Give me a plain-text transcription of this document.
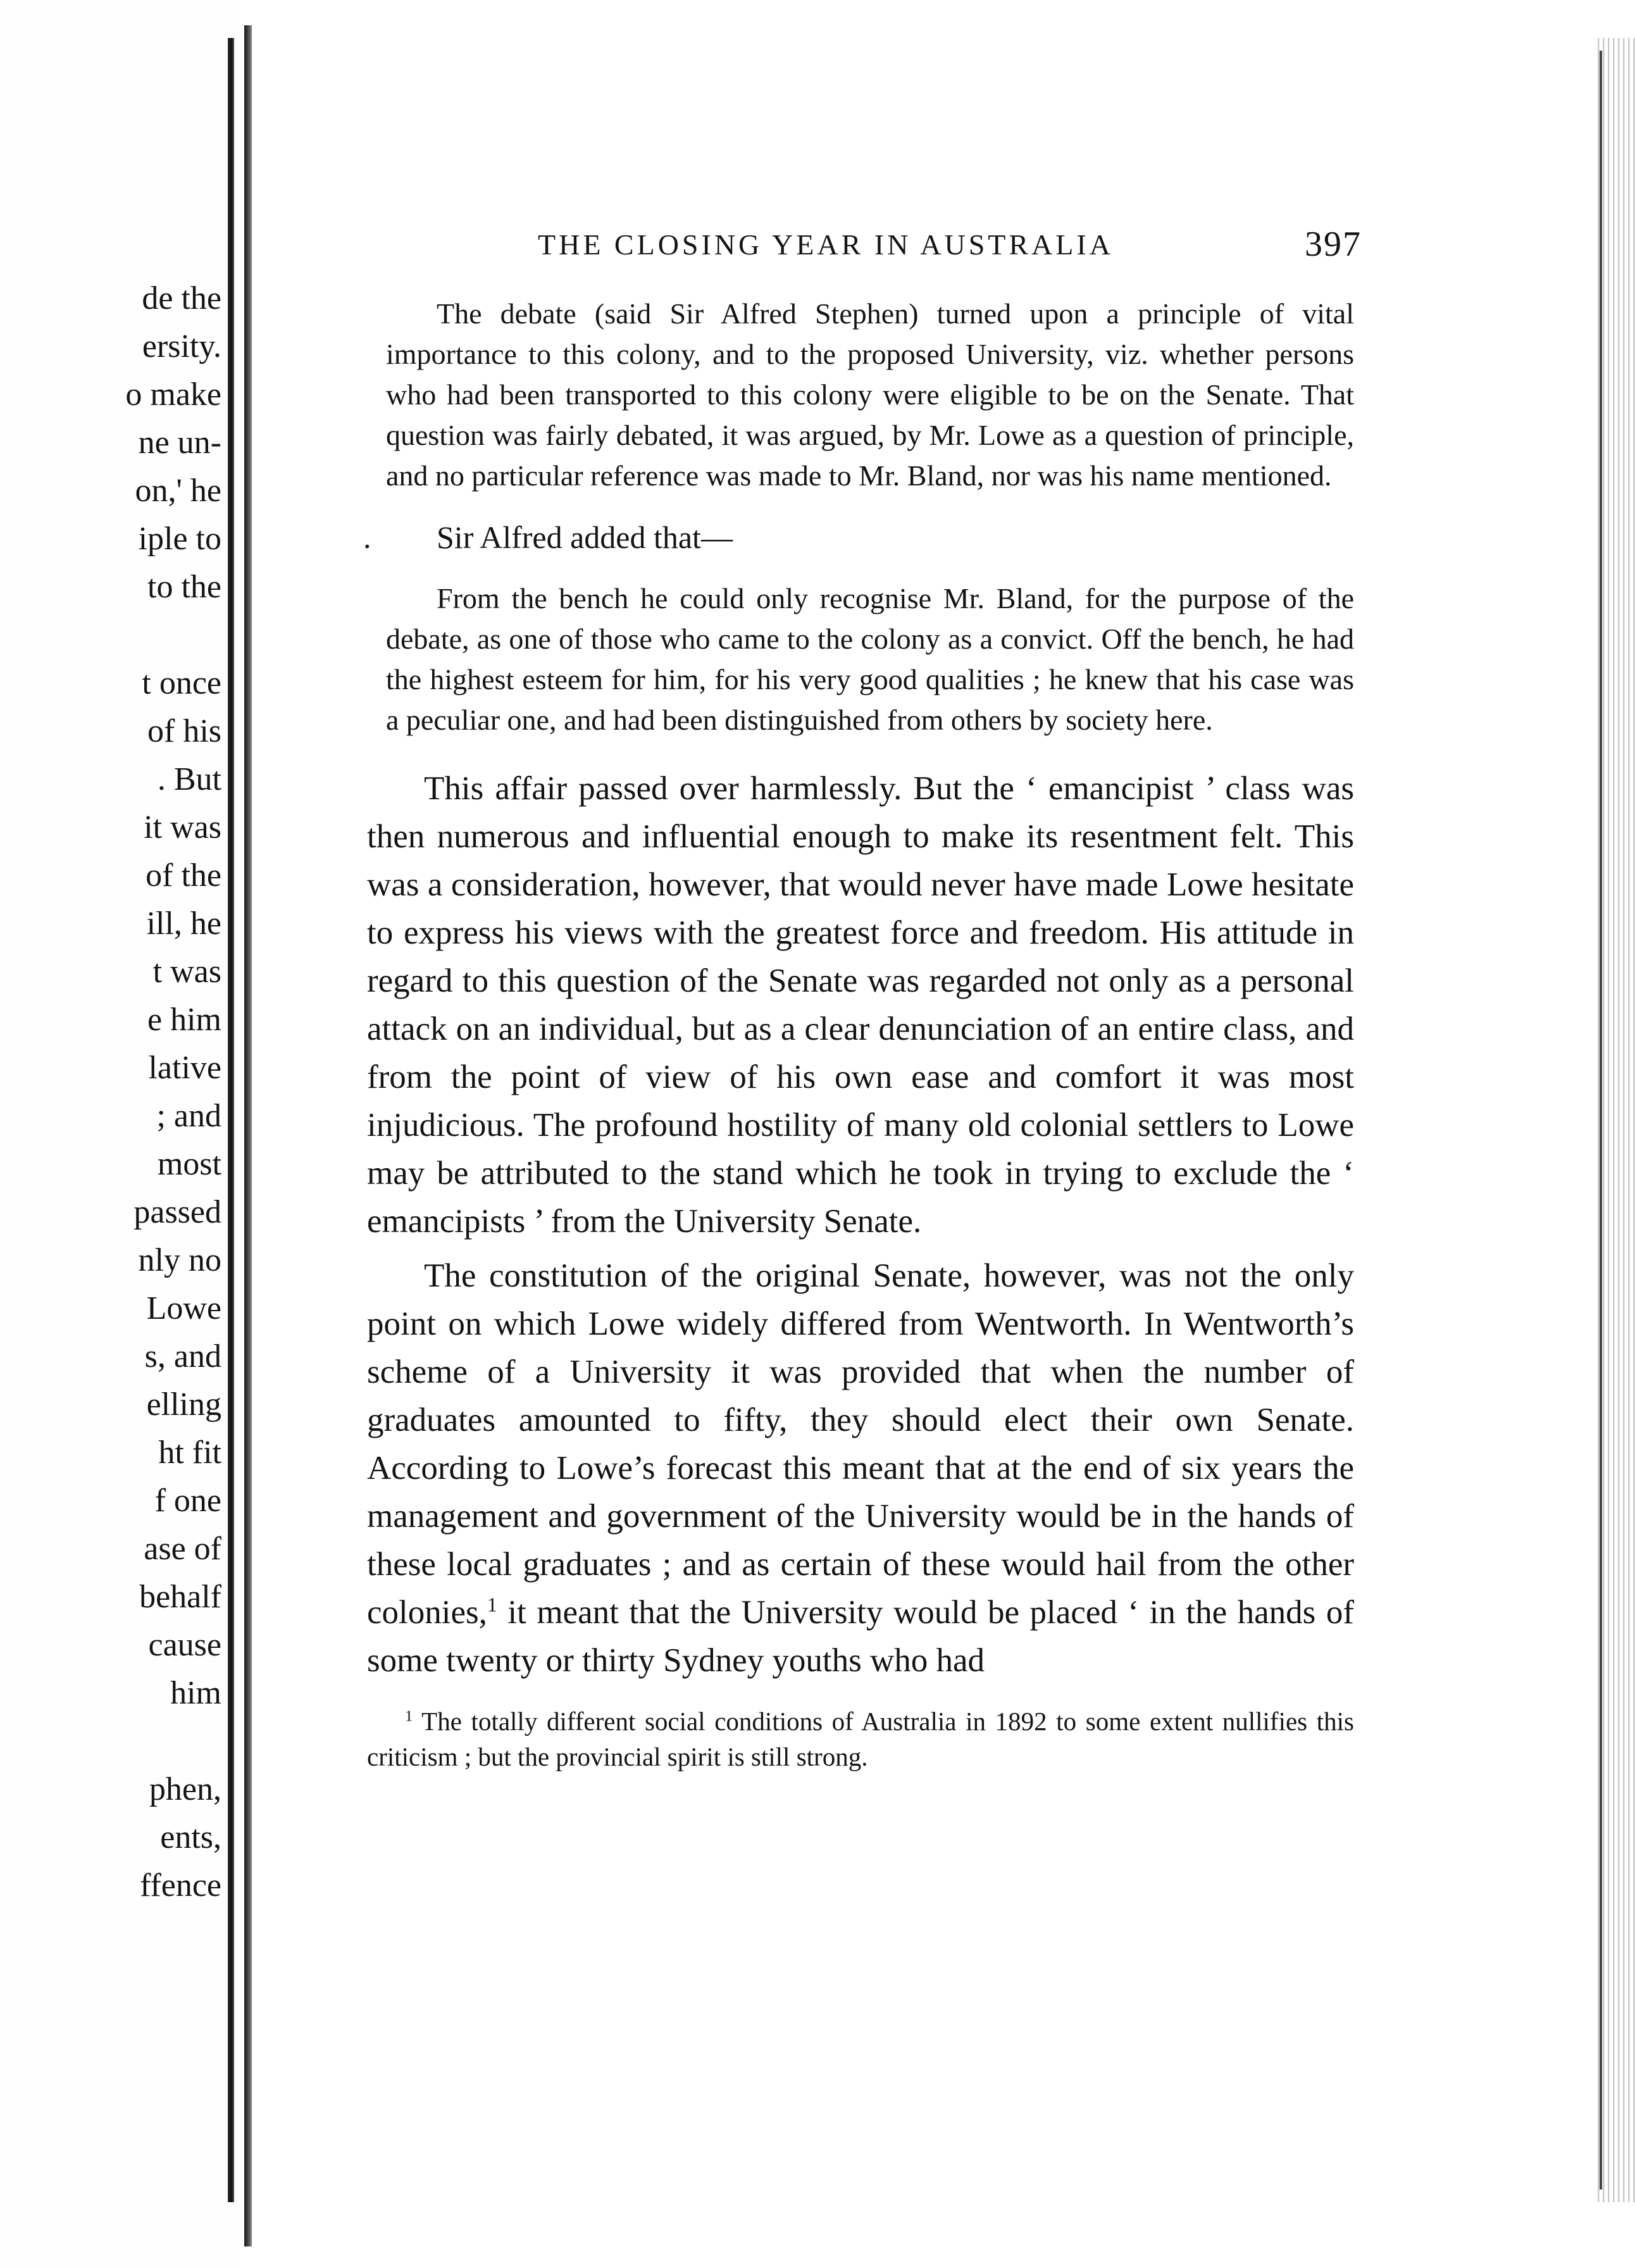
de the
ersity.
o make
ne un-
on,' he
iple to
to the
t once
of his
. But
it was
of the
ill, he
t was
e him
lative
; and
most
passed
nly no
Lowe
s, and
elling
ht fit
f one
ase of
behalf
cause
him
phen,
ents,
ffence
THE CLOSING YEAR IN AUSTRALIA	397

The debate (said Sir Alfred Stephen) turned upon a principle of vital importance to this colony, and to the proposed University, viz. whether persons who had been transported to this colony were eligible to be on the Senate. That question was fairly debated, it was argued, by Mr. Lowe as a question of principle, and no particular reference was made to Mr. Bland, nor was his name mentioned.

. Sir Alfred added that—

From the bench he could only recognise Mr. Bland, for the purpose of the debate, as one of those who came to the colony as a convict. Off the bench, he had the highest esteem for him, for his very good qualities ; he knew that his case was a peculiar one, and had been distinguished from others by society here.

This affair passed over harmlessly. But the ‘ emancipist ’ class was then numerous and influential enough to make its resentment felt. This was a consideration, however, that would never have made Lowe hesitate to express his views with the greatest force and freedom. His attitude in regard to this question of the Senate was regarded not only as a personal attack on an individual, but as a clear denunciation of an entire class, and from the point of view of his own ease and comfort it was most injudicious. The profound hostility of many old colonial settlers to Lowe may be attributed to the stand which he took in trying to exclude the ‘ emancipists ’ from the University Senate.

The constitution of the original Senate, however, was not the only point on which Lowe widely differed from Wentworth. In Wentworth’s scheme of a University it was provided that when the number of graduates amounted to fifty, they should elect their own Senate. According to Lowe’s forecast this meant that at the end of six years the management and government of the University would be in the hands of these local graduates ; and as certain of these would hail from the other colonies,$^1$ it meant that the University would be placed ‘ in the hands of some twenty or thirty Sydney youths who had

$^1$ The totally different social conditions of Australia in 1892 to some extent nullifies this criticism ; but the provincial spirit is still strong.
